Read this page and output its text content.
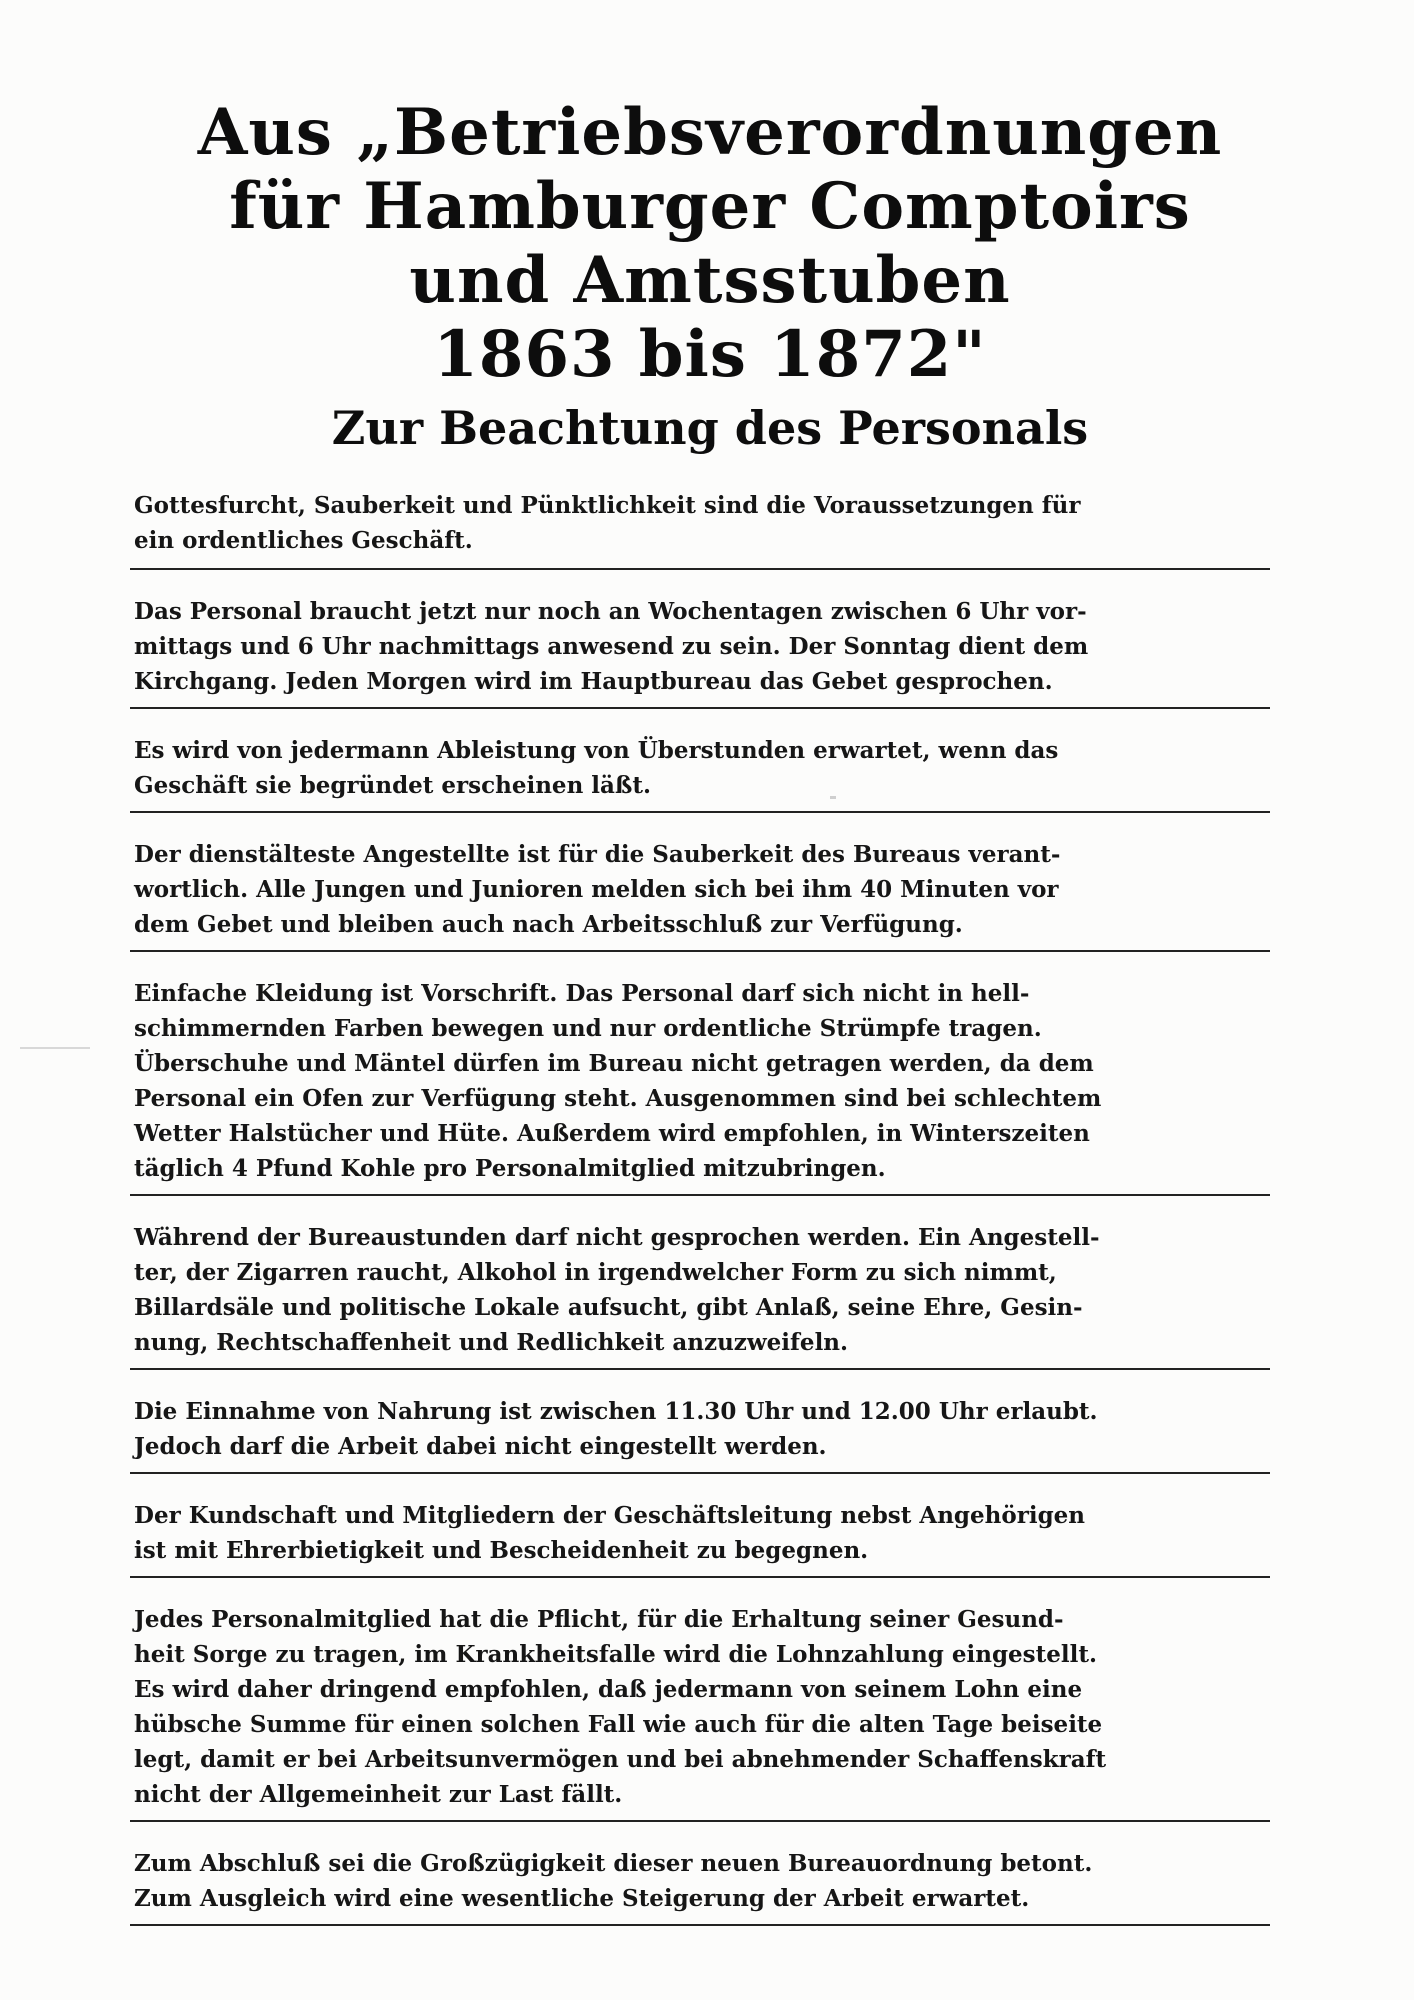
Aus „Betriebsverordnungen
für Hamburger Comptoirs
und Amtsstuben
1863 bis 1872"
Zur Beachtung des Personals
Gottesfurcht, Sauberkeit und Pünktlichkeit sind die Voraussetzungen für
ein ordentliches Geschäft.
Das Personal braucht jetzt nur noch an Wochentagen zwischen 6 Uhr vor-
mittags und 6 Uhr nachmittags anwesend zu sein. Der Sonntag dient dem
Kirchgang. Jeden Morgen wird im Hauptbureau das Gebet gesprochen.
Es wird von jedermann Ableistung von Überstunden erwartet, wenn das
Geschäft sie begründet erscheinen läßt.
Der dienstälteste Angestellte ist für die Sauberkeit des Bureaus verant-
wortlich. Alle Jungen und Junioren melden sich bei ihm 40 Minuten vor
dem Gebet und bleiben auch nach Arbeitsschluß zur Verfügung.
Einfache Kleidung ist Vorschrift. Das Personal darf sich nicht in hell-
schimmernden Farben bewegen und nur ordentliche Strümpfe tragen.
Überschuhe und Mäntel dürfen im Bureau nicht getragen werden, da dem
Personal ein Ofen zur Verfügung steht. Ausgenommen sind bei schlechtem
Wetter Halstücher und Hüte. Außerdem wird empfohlen, in Winterszeiten
täglich 4 Pfund Kohle pro Personalmitglied mitzubringen.
Während der Bureaustunden darf nicht gesprochen werden. Ein Angestell-
ter, der Zigarren raucht, Alkohol in irgendwelcher Form zu sich nimmt,
Billardsäle und politische Lokale aufsucht, gibt Anlaß, seine Ehre, Gesin-
nung, Rechtschaffenheit und Redlichkeit anzuzweifeln.
Die Einnahme von Nahrung ist zwischen 11.30 Uhr und 12.00 Uhr erlaubt.
Jedoch darf die Arbeit dabei nicht eingestellt werden.
Der Kundschaft und Mitgliedern der Geschäftsleitung nebst Angehörigen
ist mit Ehrerbietigkeit und Bescheidenheit zu begegnen.
Jedes Personalmitglied hat die Pflicht, für die Erhaltung seiner Gesund-
heit Sorge zu tragen, im Krankheitsfalle wird die Lohnzahlung eingestellt.
Es wird daher dringend empfohlen, daß jedermann von seinem Lohn eine
hübsche Summe für einen solchen Fall wie auch für die alten Tage beiseite
legt, damit er bei Arbeitsunvermögen und bei abnehmender Schaffenskraft
nicht der Allgemeinheit zur Last fällt.
Zum Abschluß sei die Großzügigkeit dieser neuen Bureauordnung betont.
Zum Ausgleich wird eine wesentliche Steigerung der Arbeit erwartet.
